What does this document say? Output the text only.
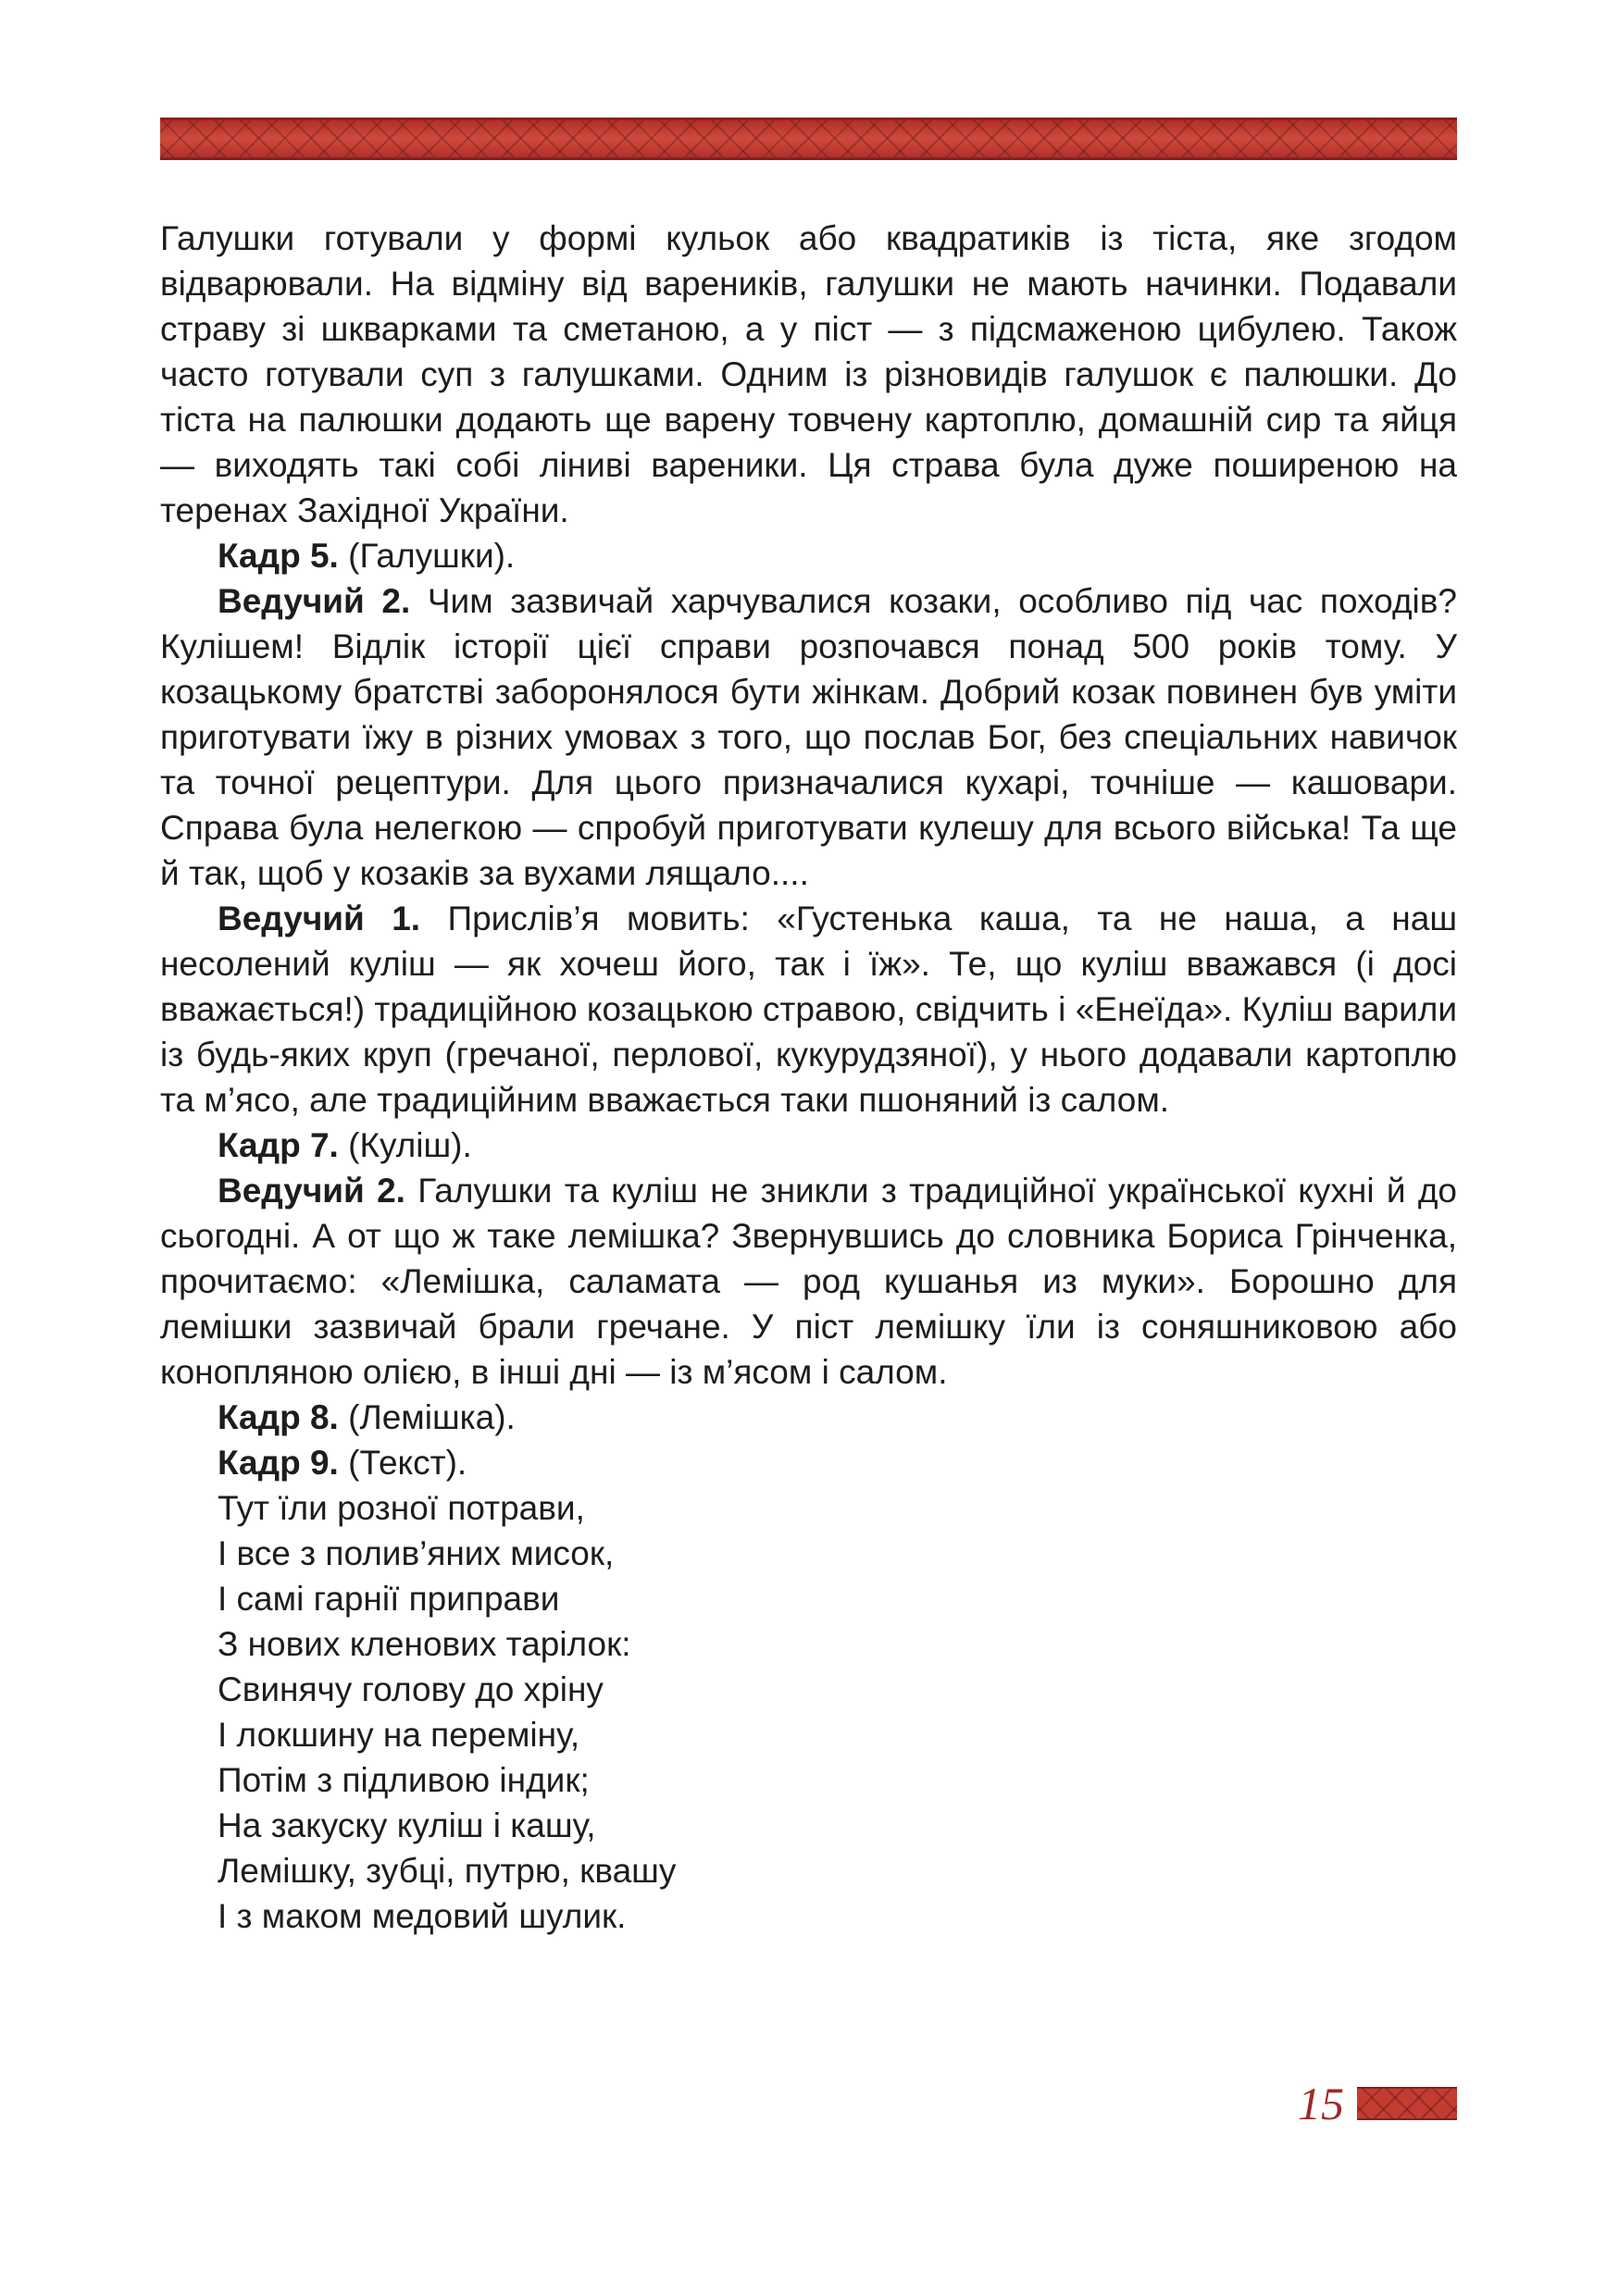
Галушки готували у формі кульок або квадратиків із тіста, яке згодом відварювали. На відміну від вареників, галушки не мають начинки. Подавали страву зі шкварками та сметаною, а у піст — з підсмаженою цибулею. Також часто готували суп з галушками. Одним із різновидів галушок є палюшки. До тіста на палюшки додають ще варену товчену картоплю, домашній сир та яйця — виходять такі собі ліниві вареники. Ця страва була дуже поширеною на теренах Західної України.

Кадр 5. (Галушки).

Ведучий 2. Чим зазвичай харчувалися козаки, особливо під час походів? Кулішем! Відлік історії цієї справи розпочався понад 500 років тому. У козацькому братстві заборонялося бути жінкам. Добрий козак повинен був уміти приготувати їжу в різних умовах з того, що послав Бог, без спеціальних навичок та точної рецептури. Для цього призначалися кухарі, точніше — кашовари. Справа була нелегкою — спробуй приготувати кулешу для всього війська! Та ще й так, щоб у козаків за вухами лящало....

Ведучий 1. Прислів’я мовить: «Густенька каша, та не наша, а наш несолений куліш — як хочеш його, так і їж». Те, що куліш вважався (і досі вважається!) традиційною козацькою стравою, свідчить і «Енеїда». Куліш варили із будь-яких круп (гречаної, перлової, кукурудзяної), у нього додавали картоплю та м’ясо, але традиційним вважається таки пшоняний із салом.

Кадр 7. (Куліш).

Ведучий 2. Галушки та куліш не зникли з традиційної української кухні й до сьогодні. А от що ж таке лемішка? Звернувшись до словника Бориса Грінченка, прочитаємо: «Лемішка, саламата — род кушанья из муки». Борошно для лемішки зазвичай брали гречане. У піст лемішку їли із соняшниковою або конопляною олією, в інші дні — із м’ясом і салом.

Кадр 8. (Лемішка).

Кадр 9. (Текст).

Тут їли розної потрави,
І все з полив’яних мисок,
І самі гарнії приправи
З нових кленових тарілок:
Свинячу голову до хріну
І локшину на переміну,
Потім з підливою індик;
На закуску куліш і кашу,
Лемішку, зубці, путрю, квашу
І з маком медовий шулик.
15
